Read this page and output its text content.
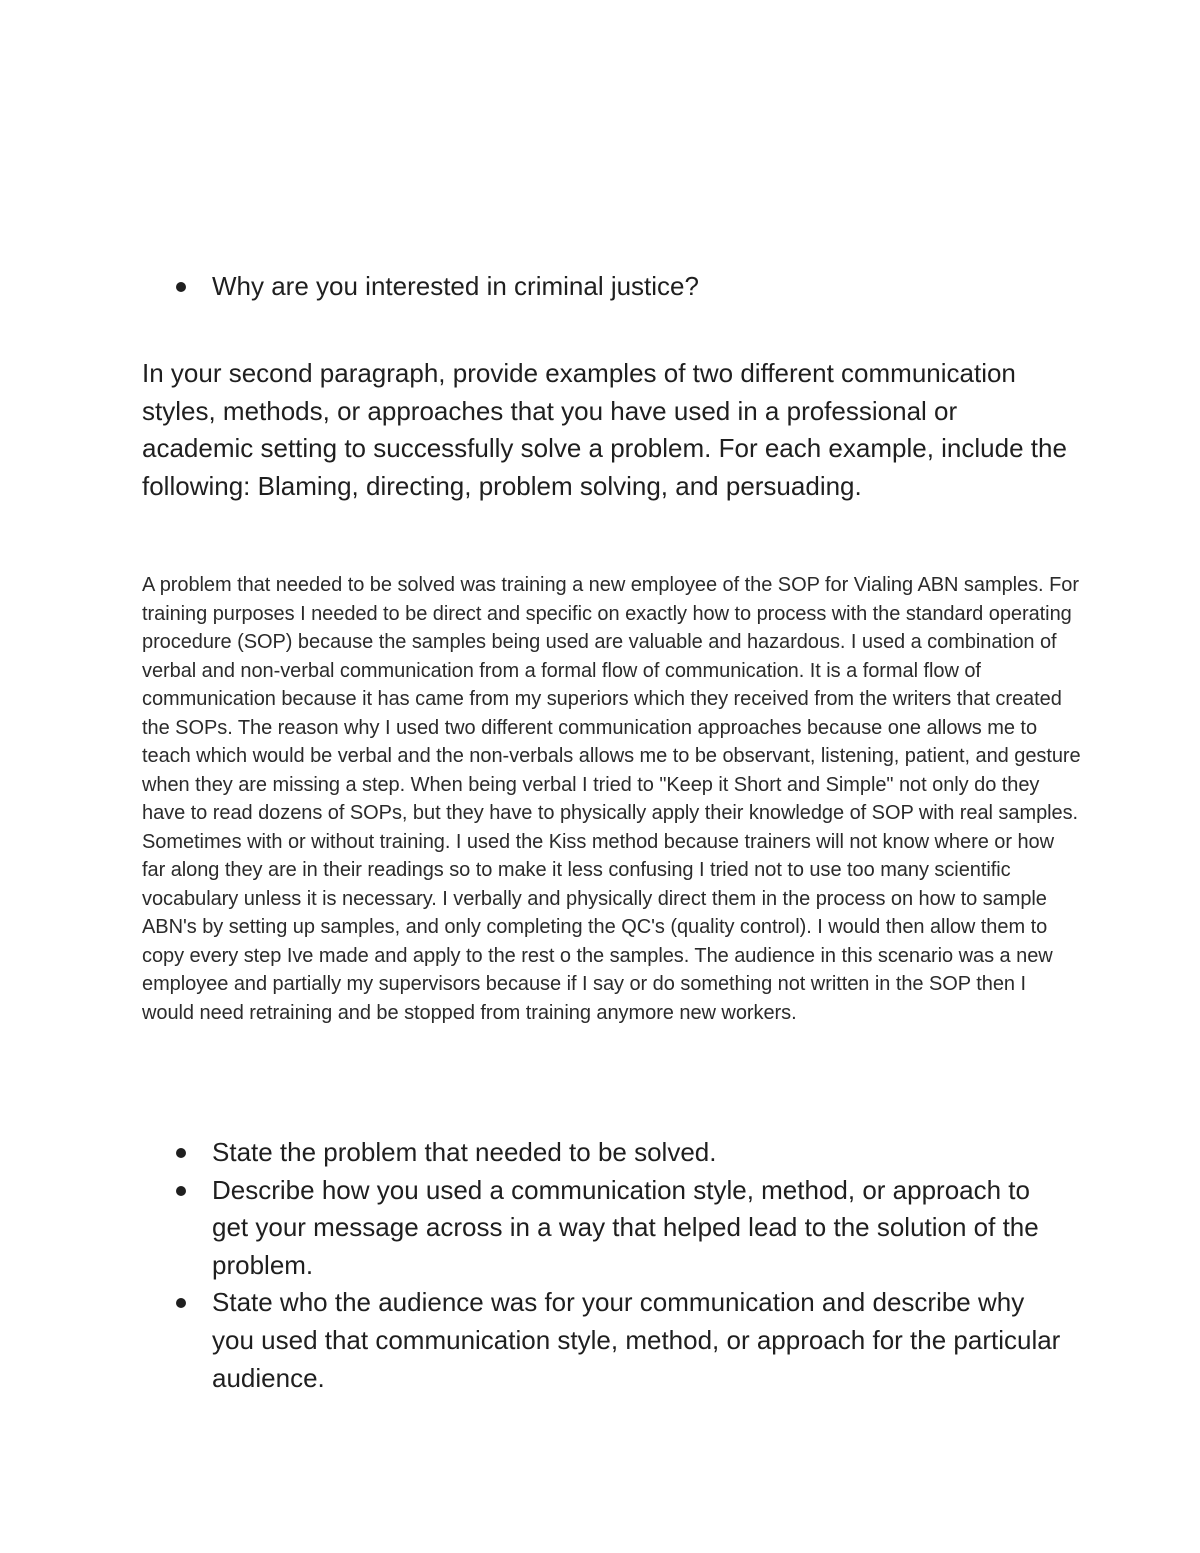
Why are you interested in criminal justice?

In your second paragraph, provide examples of two different communication styles, methods, or approaches that you have used in a professional or academic setting to successfully solve a problem. For each example, include the following: Blaming, directing, problem solving, and persuading.

A problem that needed to be solved was training a new employee of the SOP for Vialing ABN samples. For training purposes I needed to be direct and specific on exactly how to process with the standard operating procedure (SOP) because the samples being used are valuable and hazardous. I used a combination of verbal and non-verbal communication from a formal flow of communication. It is a formal flow of communication because it has came from my superiors which they received from the writers that created the SOPs. The reason why I used two different communication approaches because one allows me to teach which would be verbal and the non-verbals allows me to be observant, listening, patient, and gesture when they are missing a step. When being verbal I tried to "Keep it Short and Simple" not only do they have to read dozens of SOPs, but they have to physically apply their knowledge of SOP with real samples. Sometimes with or without training. I used the Kiss method because trainers will not know where or how far along they are in their readings so to make it less confusing I tried not to use too many scientific vocabulary unless it is necessary. I verbally and physically direct them in the process on how to sample ABN's by setting up samples, and only completing the QC's (quality control). I would then allow them to copy every step Ive made and apply to the rest o the samples. The audience in this scenario was a new employee and partially my supervisors because if I say or do something not written in the SOP then I would need retraining and be stopped from training anymore new workers.

State the problem that needed to be solved.
Describe how you used a communication style, method, or approach to get your message across in a way that helped lead to the solution of the problem.
State who the audience was for your communication and describe why you used that communication style, method, or approach for the particular audience.
